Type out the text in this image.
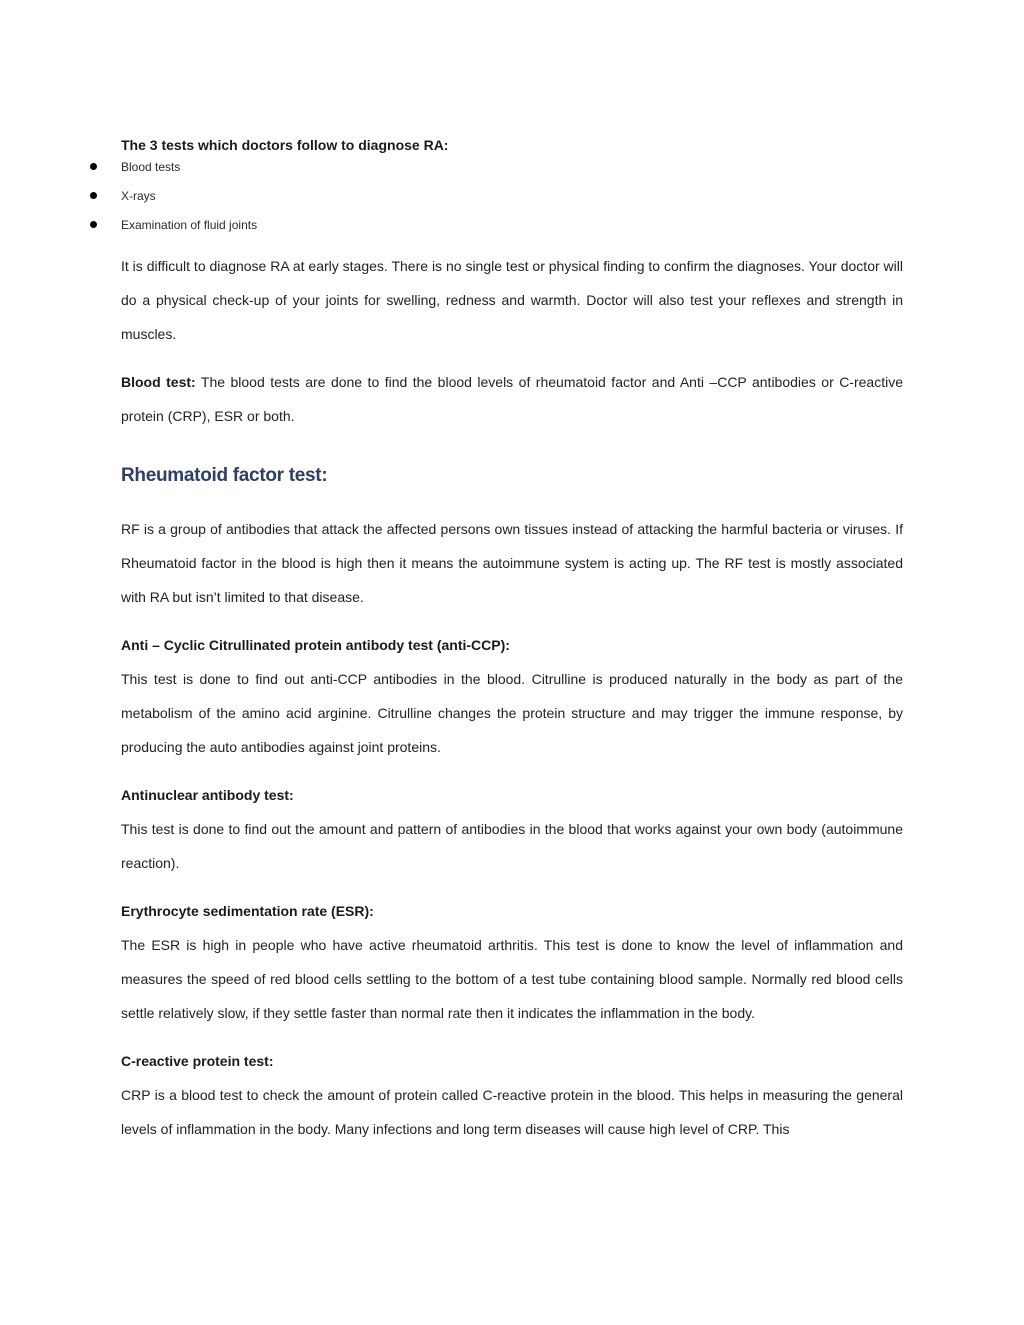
The 3 tests which doctors follow to diagnose RA:
Blood tests
X-rays
Examination of fluid joints

It is difficult to diagnose RA at early stages. There is no single test or physical finding to confirm the diagnoses. Your doctor will do a physical check-up of your joints for swelling, redness and warmth. Doctor will also test your reflexes and strength in muscles.

Blood test: The blood tests are done to find the blood levels of rheumatoid factor and Anti –CCP antibodies or C-reactive protein (CRP), ESR or both.

Rheumatoid factor test:

RF is a group of antibodies that attack the affected persons own tissues instead of attacking the harmful bacteria or viruses. If Rheumatoid factor in the blood is high then it means the autoimmune system is acting up. The RF test is mostly associated with RA but isn’t limited to that disease.

Anti – Cyclic Citrullinated protein antibody test (anti-CCP):

This test is done to find out anti-CCP antibodies in the blood. Citrulline is produced naturally in the body as part of the metabolism of the amino acid arginine. Citrulline changes the protein structure and may trigger the immune response, by producing the auto antibodies against joint proteins.

Antinuclear antibody test:

This test is done to find out the amount and pattern of antibodies in the blood that works against your own body (autoimmune reaction).

Erythrocyte sedimentation rate (ESR):

The ESR is high in people who have active rheumatoid arthritis. This test is done to know the level of inflammation and measures the speed of red blood cells settling to the bottom of a test tube containing blood sample. Normally red blood cells settle relatively slow, if they settle faster than normal rate then it indicates the inflammation in the body.

C-reactive protein test:

CRP is a blood test to check the amount of protein called C-reactive protein in the blood. This helps in measuring the general levels of inflammation in the body. Many infections and long term diseases will cause high level of CRP. This
